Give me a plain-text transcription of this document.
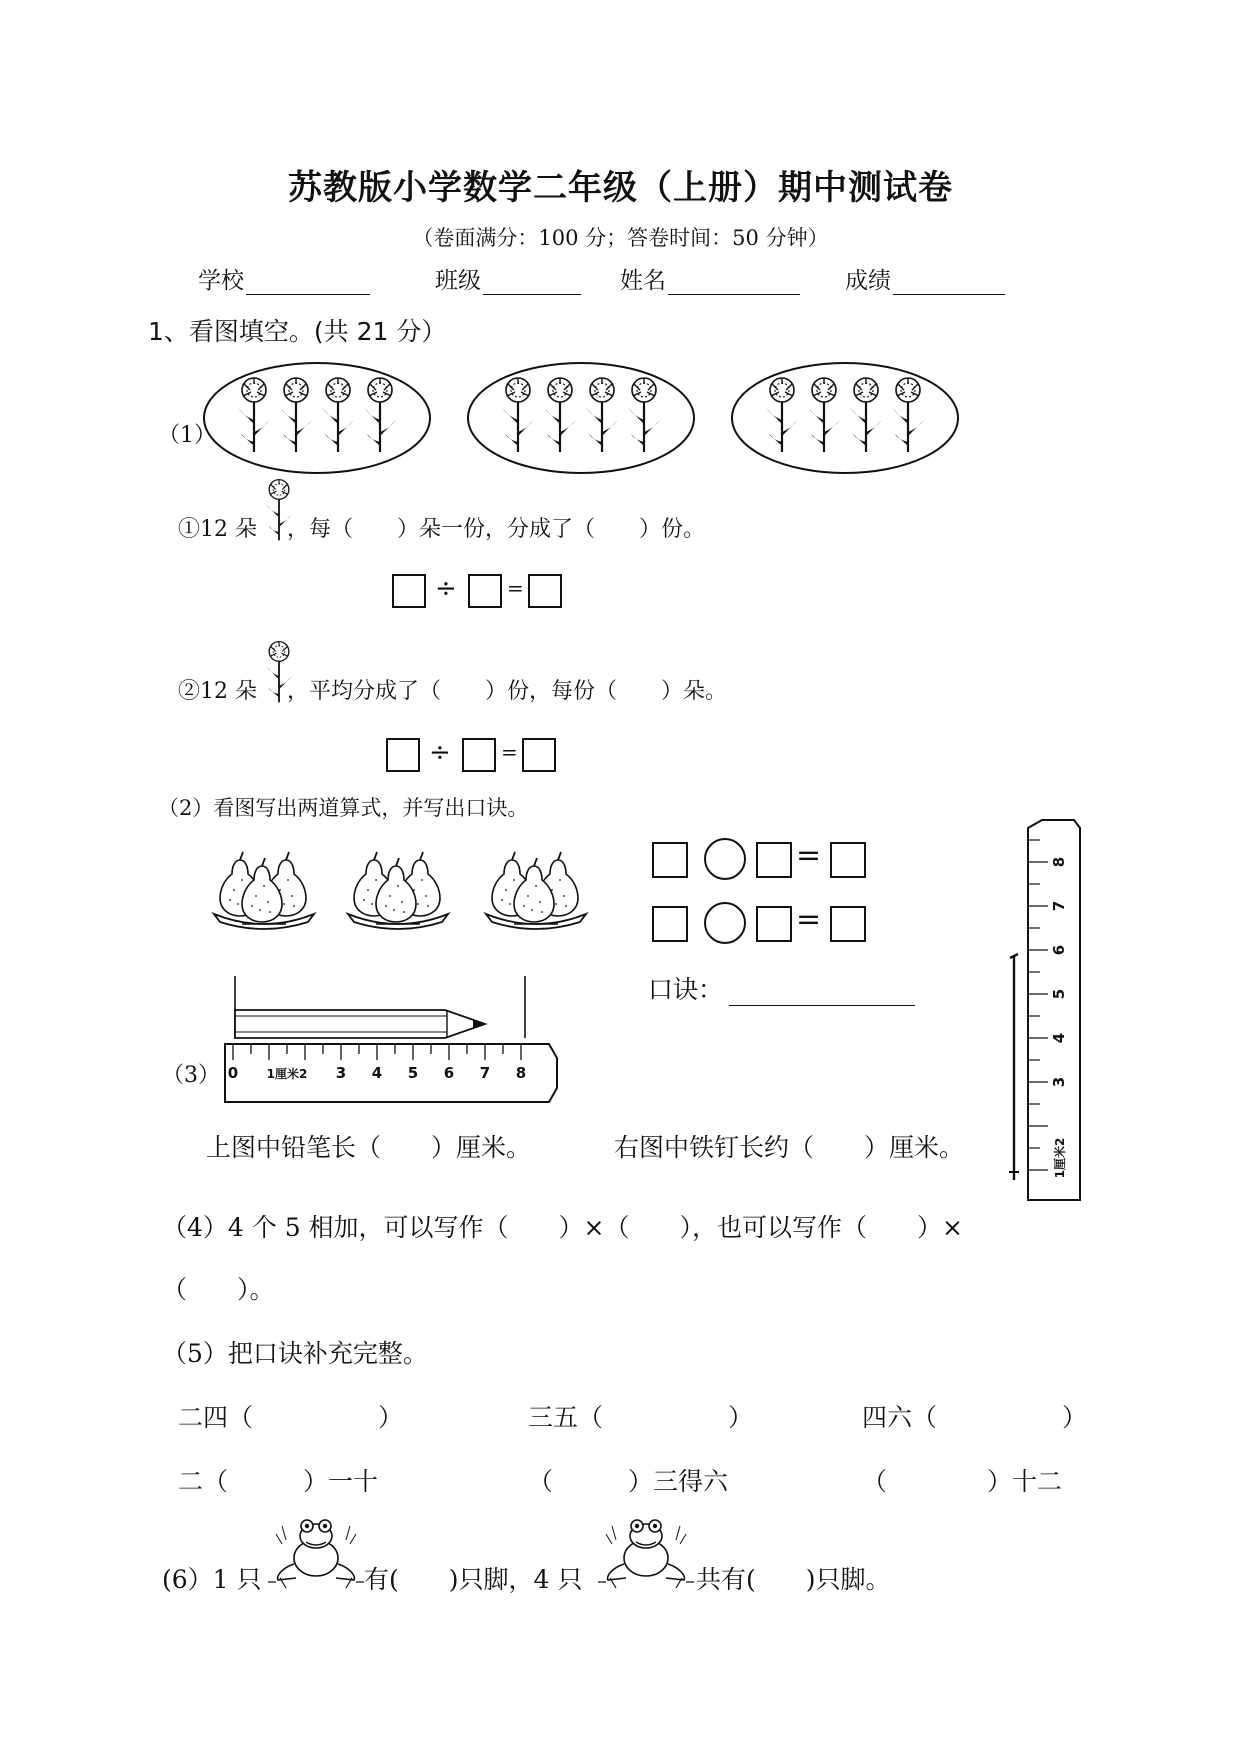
苏教版小学数学二年级（上册）期中测试卷
（卷面满分：100 分；答卷时间：50 分钟）
学校	班级	姓名	成绩
1、看图填空。(共 21 分）
（1）
①12 朵 ，每（　　）朵一份，分成了（　　）份。
÷	=
②12 朵 ，平均分成了（　　）份，每份（　　）朵。
÷	=
（2）看图写出两道算式，并写出口诀。
=
=
口诀：
（3） 0 1厘米2 3 4 5 6 7 8
1厘米2
3
4
5
6
7
8
上图中铅笔长（　　）厘米。	右图中铁钉长约（　　）厘米。
（4）4 个 5 相加，可以写作（　　）×（　　），也可以写作（　　）×
（　　）。
（5）把口诀补充完整。
二四（　　　　　）	三五（　　　　　）	四六（　　　　　）
二（　　　）一十	（　　　）三得六	（　　　　）十二
(6）1 只	有(　　)只脚，4 只	共有(　　)只脚。
